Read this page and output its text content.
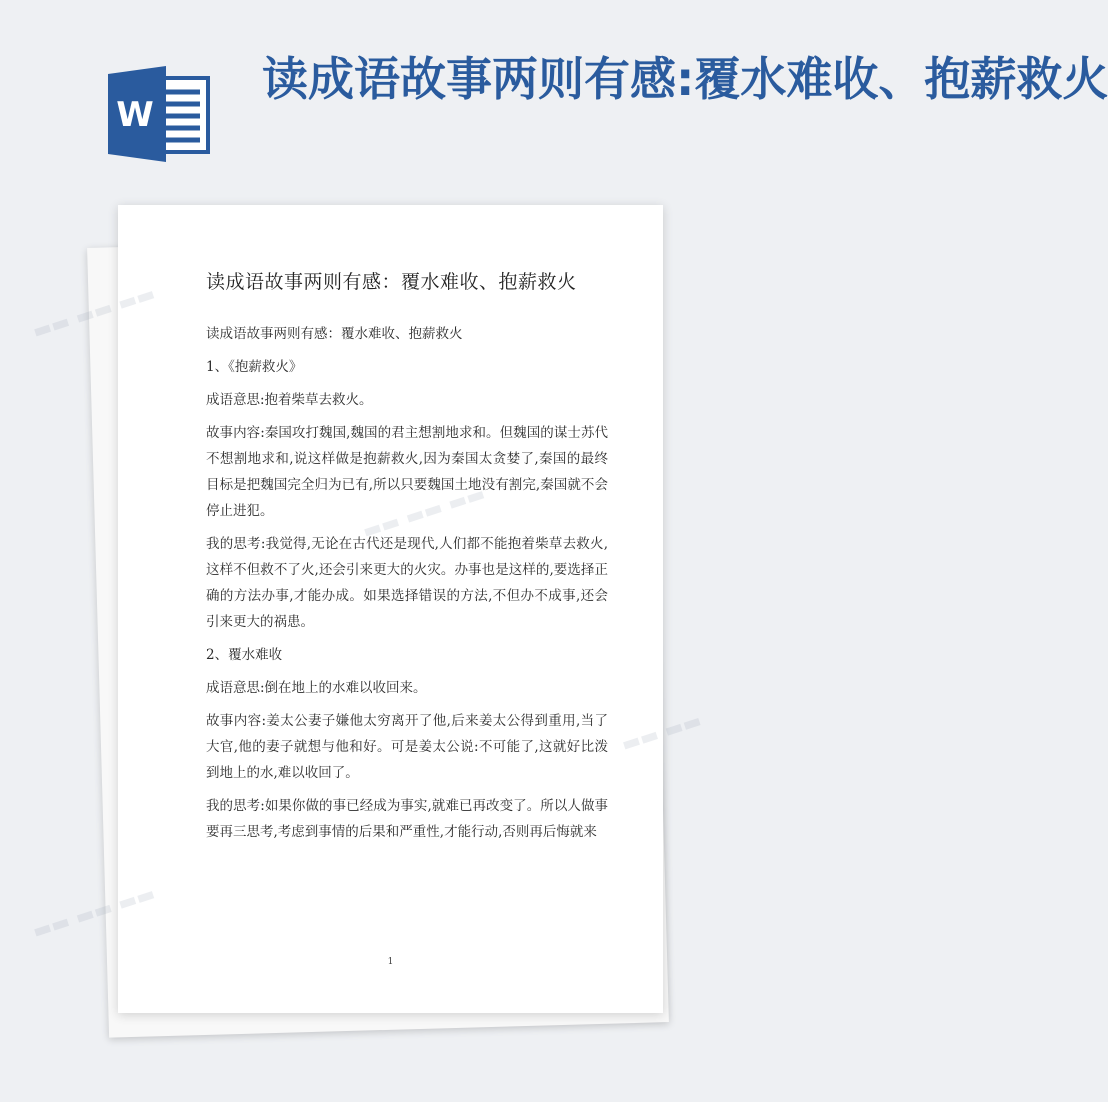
W
读成语故事两则有感:覆水难收、抱薪救火
读成语故事两则有感：覆水难收、抱薪救火

读成语故事两则有感：覆水难收、抱薪救火

1、《抱薪救火》

成语意思:抱着柴草去救火。

故事内容:秦国攻打魏国,魏国的君主想割地求和。但魏国的谋士苏代不想割地求和,说这样做是抱薪救火,因为秦国太贪婪了,秦国的最终目标是把魏国完全归为已有,所以只要魏国土地没有割完,秦国就不会停止进犯。

我的思考:我觉得,无论在古代还是现代,人们都不能抱着柴草去救火,这样不但救不了火,还会引来更大的火灾。办事也是这样的,要选择正确的方法办事,才能办成。如果选择错误的方法,不但办不成事,还会引来更大的祸患。

2、覆水难收

成语意思:倒在地上的水难以收回来。

故事内容:姜太公妻子嫌他太穷离开了他,后来姜太公得到重用,当了大官,他的妻子就想与他和好。可是姜太公说:不可能了,这就好比泼到地上的水,难以收回了。

我的思考:如果你做的事已经成为事实,就难已再改变了。所以人做事要再三思考,考虑到事情的后果和严重性,才能行动,否则再后悔就来

1
▬▬
▬▬ ▬▬ ▬▬
▬▬
